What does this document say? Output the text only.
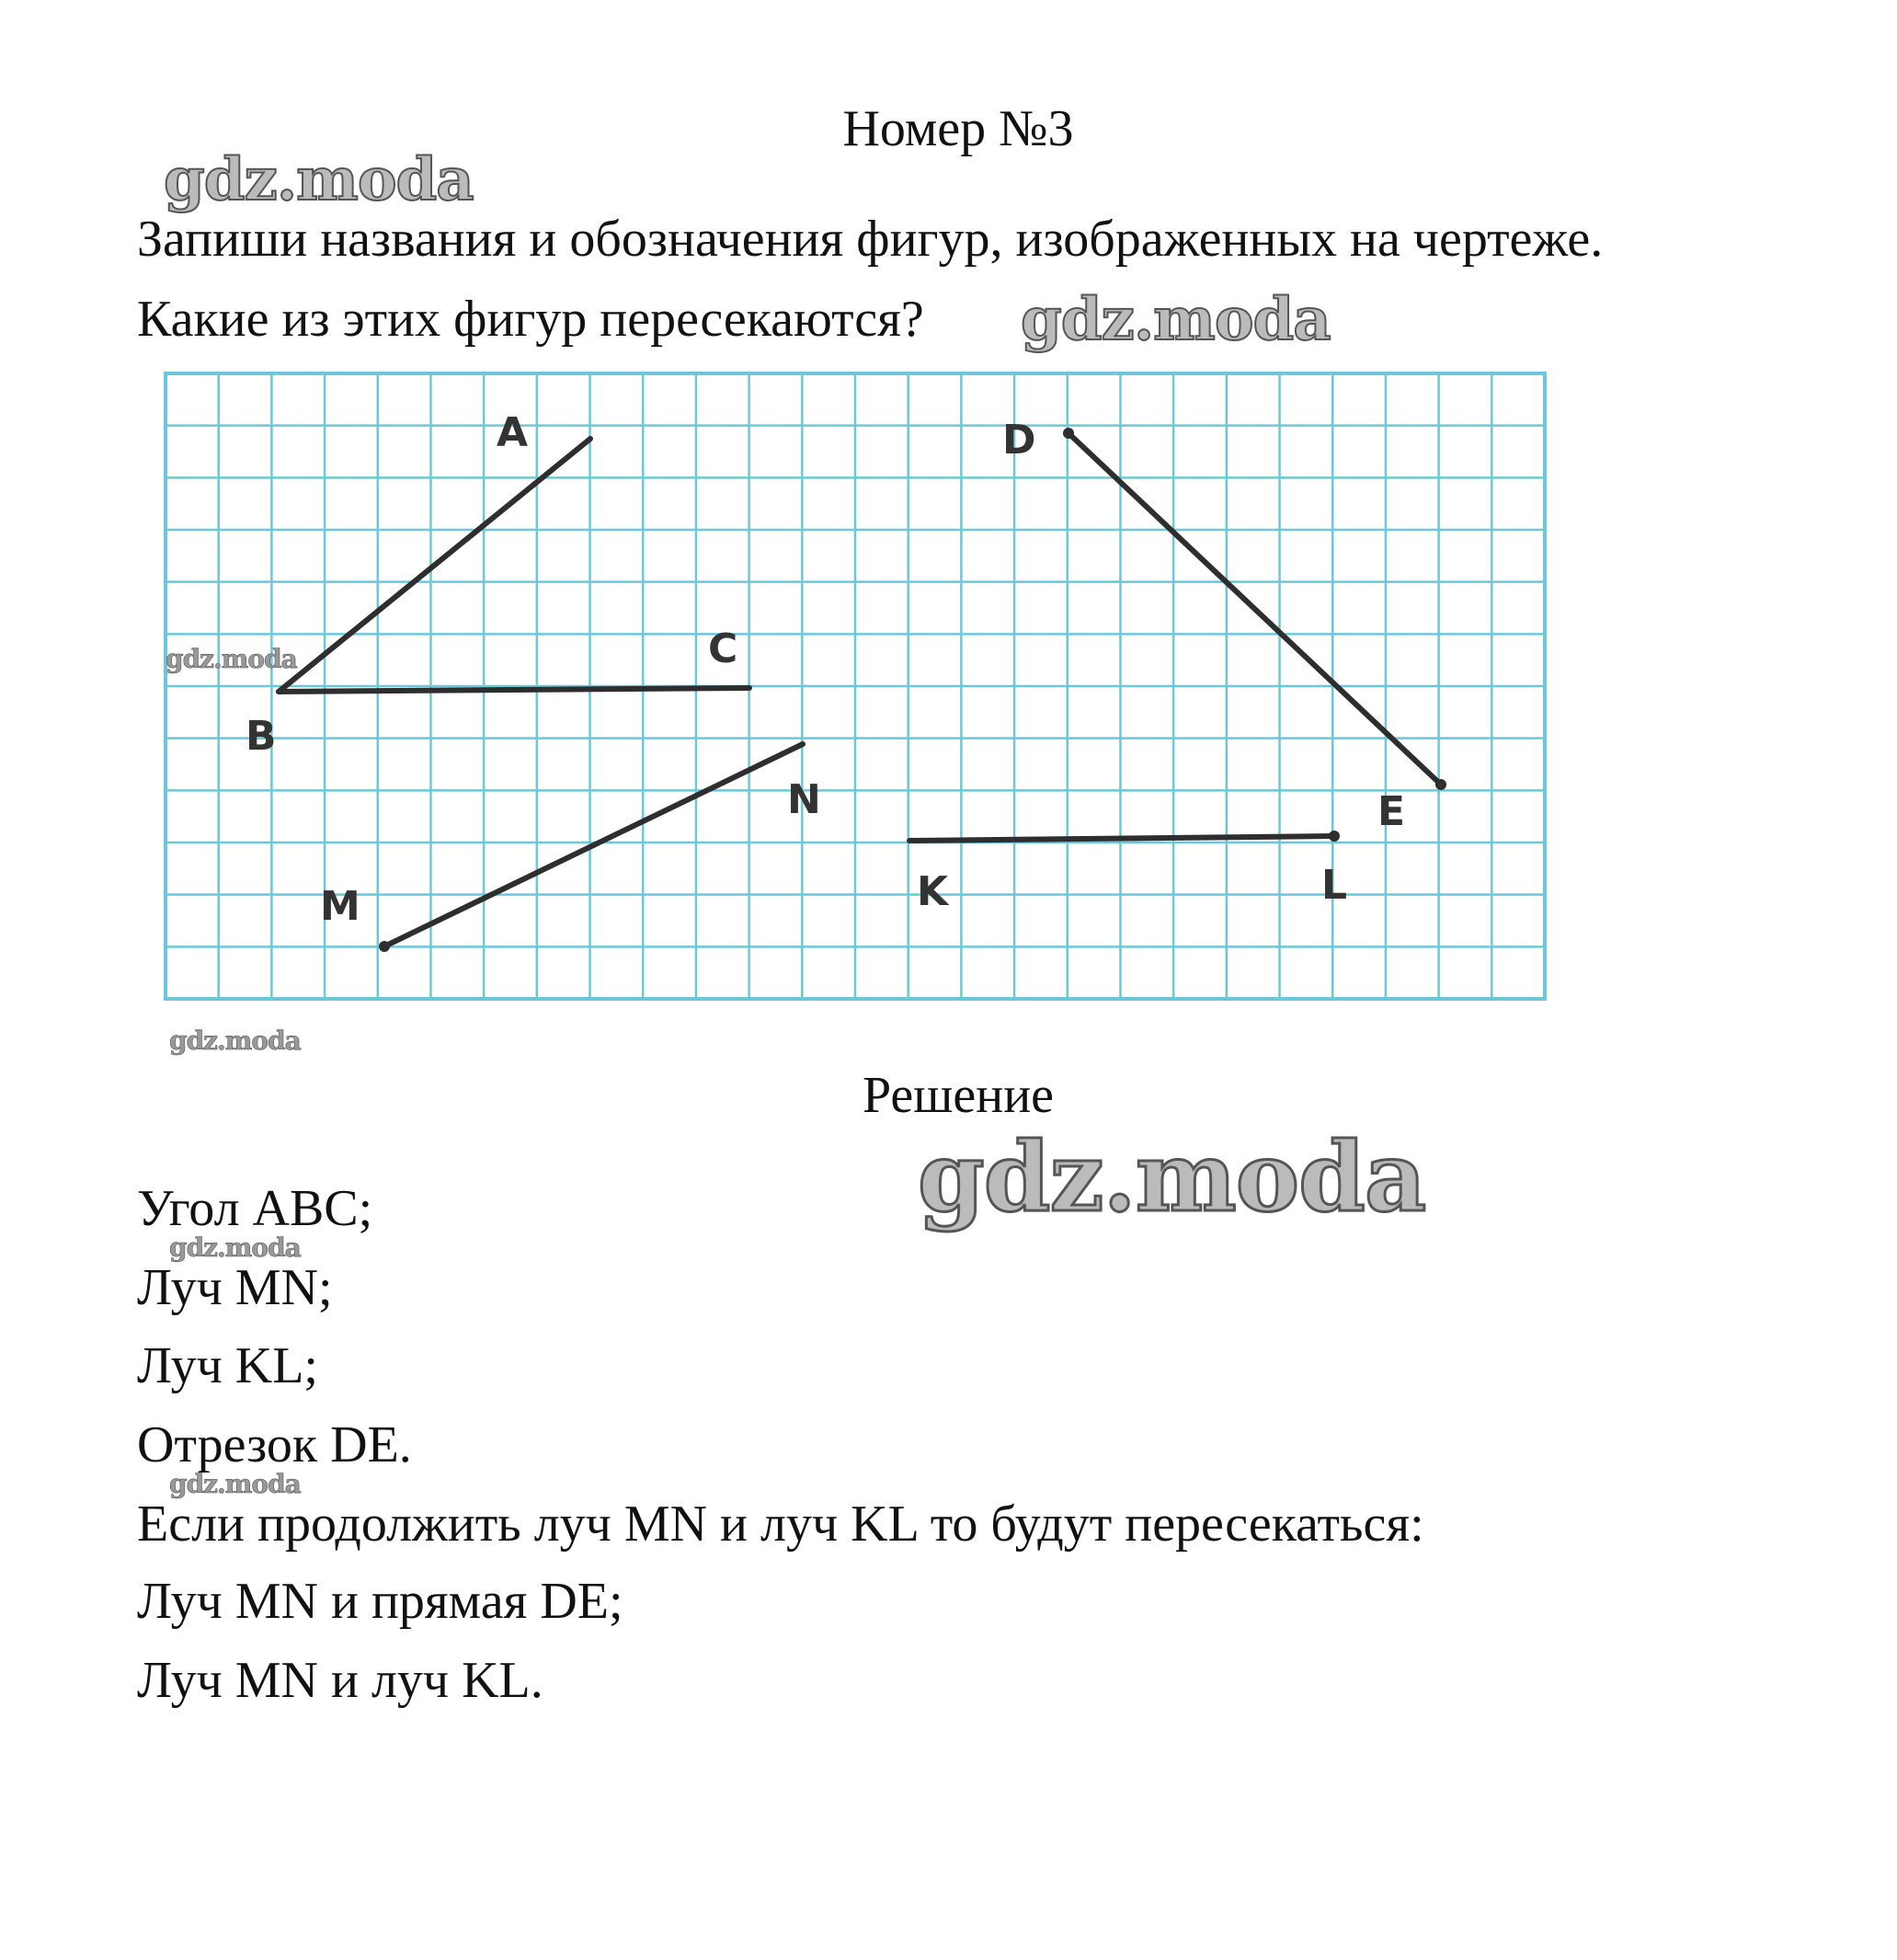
Номер №3
Запиши названия и обозначения фигур, изображенных на чертеже.
Какие из этих фигур пересекаются?
A
B
C
D
E
K	L
M
N
Решение
Угол ABC;
Луч MN;
Луч KL;
Отрезок DE.
Если продолжить луч MN и луч KL то будут пересекаться:
Луч MN и прямая DE;
Луч MN и луч KL.
gdz.moda
gdz.moda
gdz.moda
gdz.moda
gdz.moda
gdz.moda
gdz.moda
